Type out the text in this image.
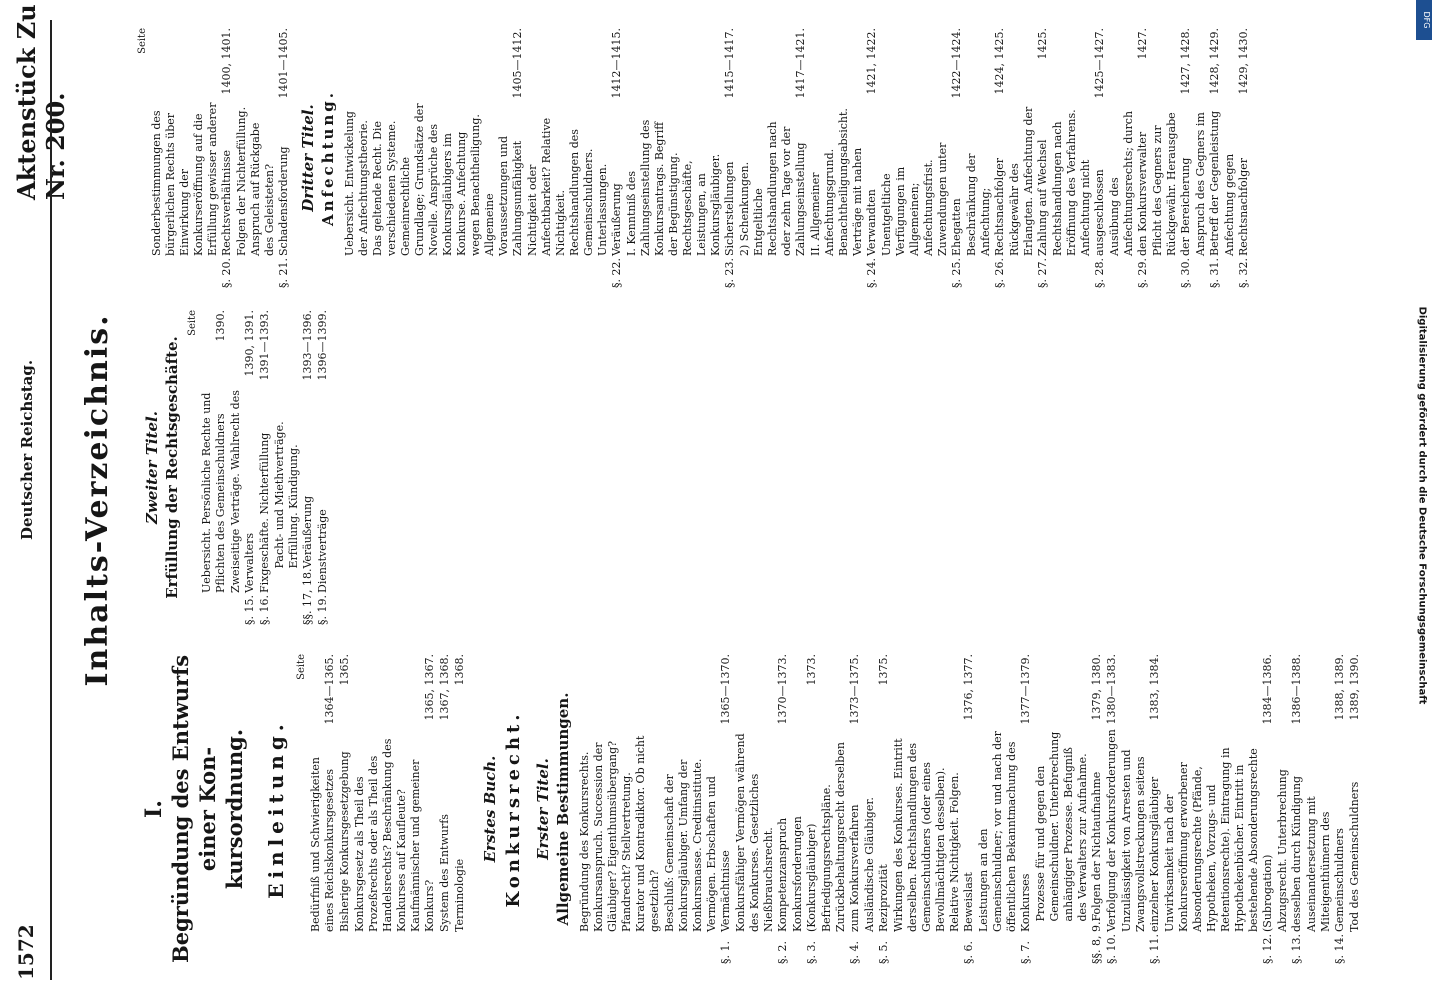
1572
Deutscher Reichstag.
Aktenstück Zu Nr. 200.
Inhalts-Verzeichnis.
I. Begründung des Entwurfs einer Kon- kursordnung. Einleitung.
Seite
Bedürfniß und Schwierigkeiten eines Reichskonkursgesetzes
1364—1365.
Bisherige Konkursgesetzgebung
1365.
Konkursgesetz als Theil des Prozeßrechts oder als Theil des Handelsrechts? Beschränkung des Konkurses auf Kaufleute? Kaufmännischer und gemeiner Konkurs?
1365, 1367.
System des Entwurfs
1367, 1368.
Terminologie
1368.
Erstes Buch. Konkursrecht. Erster Titel. Allgemeine Bestimmungen. Begründung des Konkursrechts. Konkursanspruch. Succession der Gläubiger? Eigenthumsübergang? Pfandrecht? Stellvertretung. Kurator und Kontradiktor. Ob nicht gesetzlich?
§. 1.
Beschluß: Gemeinschaft der Konkursgläubiger. Umfang der Konkursmasse. Creditinstitute. Vermögen. Erbschaften und Vermächtnisse
1365—1370.
§. 2.
Konkursfähiger Vermögen während des Konkurses. Gesetzliches Nießbrauchsrecht. Kompetenzanspruch
1370—1373.
§. 3.
Konkursforderungen (Konkursgläubiger)
1373.
§. 4.
Befriedigungsrechtspläne. Zurückbehaltungsrecht derselben zum Konkursverfahren
1373—1375.
§. 5.
Ausländische Gläubiger. Reziprozität
1375.
§. 6.
Wirkungen des Konkurses. Eintritt derselben. Rechtshandlungen des Gemeinschuldners (oder eines Bevollmächtigten desselben). Relative Nichtigkeit. Folgen. Beweislast
1376, 1377.
§. 7.
Leistungen an den Gemeinschuldner; vor und nach der öffentlichen Bekanntmachung des Konkurses
1377—1379.
§§. 8, 9.
Prozesse für und gegen den Gemeinschuldner. Unterbrechung anhängiger Prozesse. Befugniß des Verwalters zur Aufnahme. Folgen der Nichtaufnahme
1379, 1380.
§. 10.
Verfolgung der Konkursforderungen
1380—1383.
§. 11.
Unzulässigkeit von Arresten und Zwangsvollstreckungen seitens einzelner Konkursgläubiger
1383, 1384.
§. 12.
Unwirksamkeit nach der Konkurseröffnung erworbener Absonderungsrechte (Pfände, Hypotheken, Vorzugs- und Retentionsrechte). Eintragung in Hypothekenbücher. Eintritt in bestehende Absonderungsrechte (Subrogation)
1384—1386.
§. 13.
Abzugsrecht. Unterbrechung desselben durch Kündigung
1386—1388.
§. 14.
Auseinandersetzung mit Miteigenthümern des Gemeinschuldners
1388, 1389.
Tod des Gemeinschuldners
1389, 1390.
Zweiter Titel. Erfüllung der Rechtsgeschäfte.
Seite
Uebersicht. Persönliche Rechte und Pflichten des Gemeinschuldners
1390.
§. 15.
Zweiseitige Verträge. Wahlrecht des Verwalters
1390, 1391.
§. 16.
Fixgeschäfte. Nichterfüllung
1391—1393.
§§. 17, 18.
Pacht- und Miethverträge. Erfüllung. Kündigung. Veräußerung
1393—1396.
§. 19.
Dienstverträge
1396—1399.
Seite
§. 20.
Sonderbestimmungen des bürgerlichen Rechts über Einwirkung der Konkurseröffnung auf die Erfüllung gewisser anderer Rechtsverhältnisse
1400, 1401.
§. 21.
Folgen der Nichterfüllung. Anspruch auf Rückgabe des Geleisteten? Schadensforderung
1401—1405.
Dritter Titel. Anfechtung. Uebersicht. Entwickelung der Anfechtungstheorie. Das geltende Recht. Die verschiedenen Systeme. Gemeinrechtliche Grundlage; Grundsätze der Novelle. Ansprüche des Konkursgläubigers im Konkurse. Anfechtung wegen Benachtheiligung. Allgemeine Voraussetzungen und Zahlungsunfähigkeit
1405—1412.
§. 22.
Nichtigkeit oder Anfechtbarkeit? Relative Nichtigkeit. Rechtshandlungen des Gemeinschuldners. Unterlassungen. Veräußerung
1412—1415.
§. 23.
I. Kenntniß des Zahlungseinstellung des Konkursantrags. Begriff der Begünstigung. Rechtsgeschäfte, Leistungen, an Konkursgläubiger. Sicherstellungen
1415—1417.
2) Schenkungen. Entgeltliche Rechtshandlungen nach oder zehn Tage vor der Zahlungseinstellung
1417—1421.
§. 24.
II. Allgemeiner Anfechtungsgrund. Benachtheiligungsabsicht. Verträge mit nahen Verwandten
1421, 1422.
§. 25.
Unentgeltliche Verfügungen im Allgemeinen; Anfechtungsfrist. Zuwendungen unter Ehegatten
1422—1424.
§. 26.
Beschränkung der Anfechtung; Rechtsnachfolger
1424, 1425.
§. 27.
Rückgewähr des Erlangten. Anfechtung der Zahlung auf Wechsel
1425.
§. 28.
Rechtshandlungen nach Eröffnung des Verfahrens. Anfechtung nicht ausgeschlossen
1425—1427.
§. 29.
Ausübung des Anfechtungsrechts; durch den Konkursverwalter
1427.
§. 30.
Pflicht des Gegners zur Rückgewähr. Herausgabe der Bereicherung
1427, 1428.
§. 31.
Anspruch des Gegners im Betreff der Gegenleistung
1428, 1429.
§. 32.
Anfechtung gegen Rechtsnachfolger
1429, 1430.
DFG
Digitalisierung gefördert durch die Deutsche Forschungsgemeinschaft
